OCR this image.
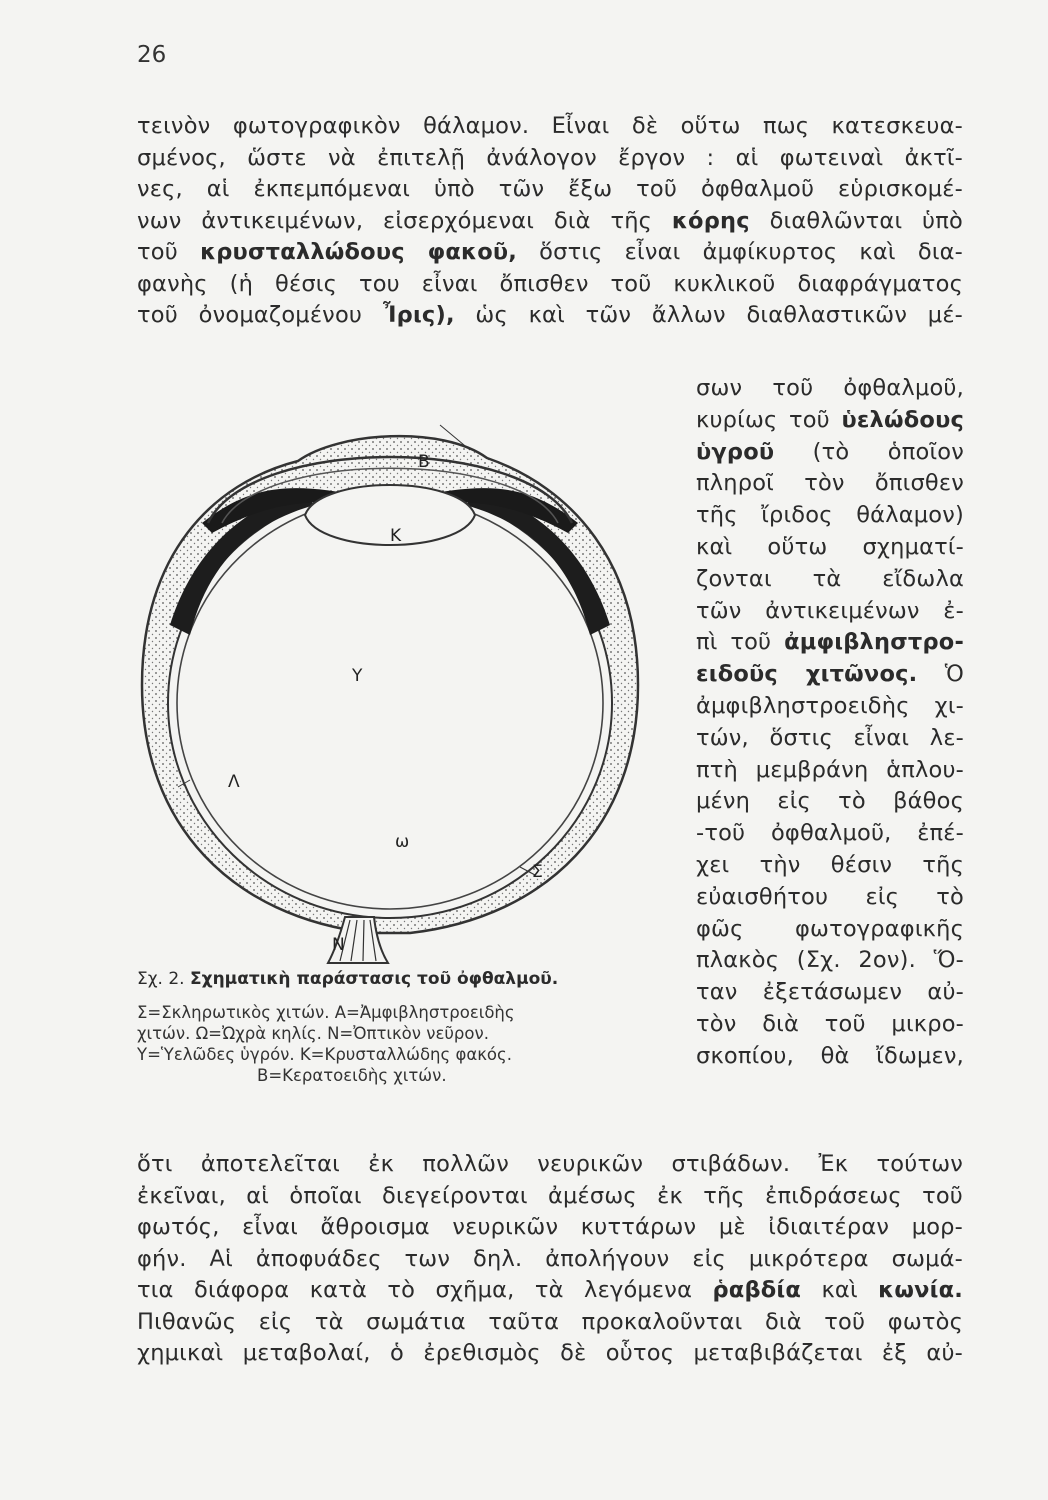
26
τεινὸν φωτογραφικὸν θάλαμον. Εἶναι δὲ οὕτω πως κατεσκευα-
σμένος, ὥστε νὰ ἐπιτελῇ ἀνάλογον ἔργον : αἱ φωτειναὶ ἀκτῖ-
νες, αἱ ἐκπεμπόμεναι ὑπὸ τῶν ἔξω τοῦ ὀφθαλμοῦ εὑρισκομέ-
νων ἀντικειμένων, εἰσερχόμεναι διὰ τῆς κόρης διαθλῶνται ὑπὸ
τοῦ κρυσταλλώδους φακοῦ, ὅστις εἶναι ἀμφίκυρτος καὶ δια-
φανὴς (ἡ θέσις του εἶναι ὄπισθεν τοῦ κυκλικοῦ διαφράγματος
τοῦ ὀνομαζομένου Ἶρις), ὡς καὶ τῶν ἄλλων διαθλαστικῶν μέ-
σων τοῦ ὀφθαλμοῦ,
κυρίως τοῦ ὑελώδους
ὑγροῦ (τὸ ὁποῖον
πληροῖ τὸν ὄπισθεν
τῆς ἴριδος θάλαμον)
καὶ οὕτω σχηματί-
ζονται τὰ εἴδωλα
τῶν ἀντικειμένων ἐ-
πὶ τοῦ ἀμφιβληστρο-
ειδοῦς χιτῶνος. Ὁ
ἀμφιβληστροειδὴς χι-
τών, ὅστις εἶναι λε-
πτὴ μεμβράνη ἁπλου-
μένη εἰς τὸ βάθος
-τοῦ ὀφθαλμοῦ, ἐπέ-
χει τὴν θέσιν τῆς
εὐαισθήτου εἰς τὸ
φῶς φωτογραφικῆς
πλακὸς (Σχ. 2ον). Ὅ-
ταν ἐξετάσωμεν αὐ-
τὸν διὰ τοῦ μικρο-
σκοπίου, θὰ ἴδωμεν,
ὅτι ἀποτελεῖται ἐκ πολλῶν νευρικῶν στιβάδων. Ἐκ τούτων
ἐκεῖναι, αἱ ὁποῖαι διεγείρονται ἀμέσως ἐκ τῆς ἐπιδράσεως τοῦ
φωτός, εἶναι ἄθροισμα νευρικῶν κυττάρων μὲ ἰδιαιτέραν μορ-
φήν. Αἱ ἀποφυάδες των δηλ. ἀπολήγουν εἰς μικρότερα σωμά-
τια διάφορα κατὰ τὸ σχῆμα, τὰ λεγόμενα ῥαβδία καὶ κωνία.
Πιθανῶς εἰς τὰ σωμάτια ταῦτα προκαλοῦνται διὰ τοῦ φωτὸς
χημικαὶ μεταβολαί, ὁ ἐρεθισμὸς δὲ οὗτος μεταβιβάζεται ἐξ αὐ-
Β
Κ
Υ
Λ
ω
Σ
Ν
Σχ. 2. Σχηματικὴ παράστασις τοῦ ὀφθαλμοῦ.
Σ=Σκληρωτικὸς χιτών. Α=Ἀμφιβληστροειδὴς
χιτών. Ω=Ὠχρὰ κηλίς. Ν=Ὀπτικὸν νεῦρον.
Υ=Ὑελῶδες ὑγρόν. Κ=Κρυσταλλώδης φακός.
Β=Κερατοειδὴς χιτών.
